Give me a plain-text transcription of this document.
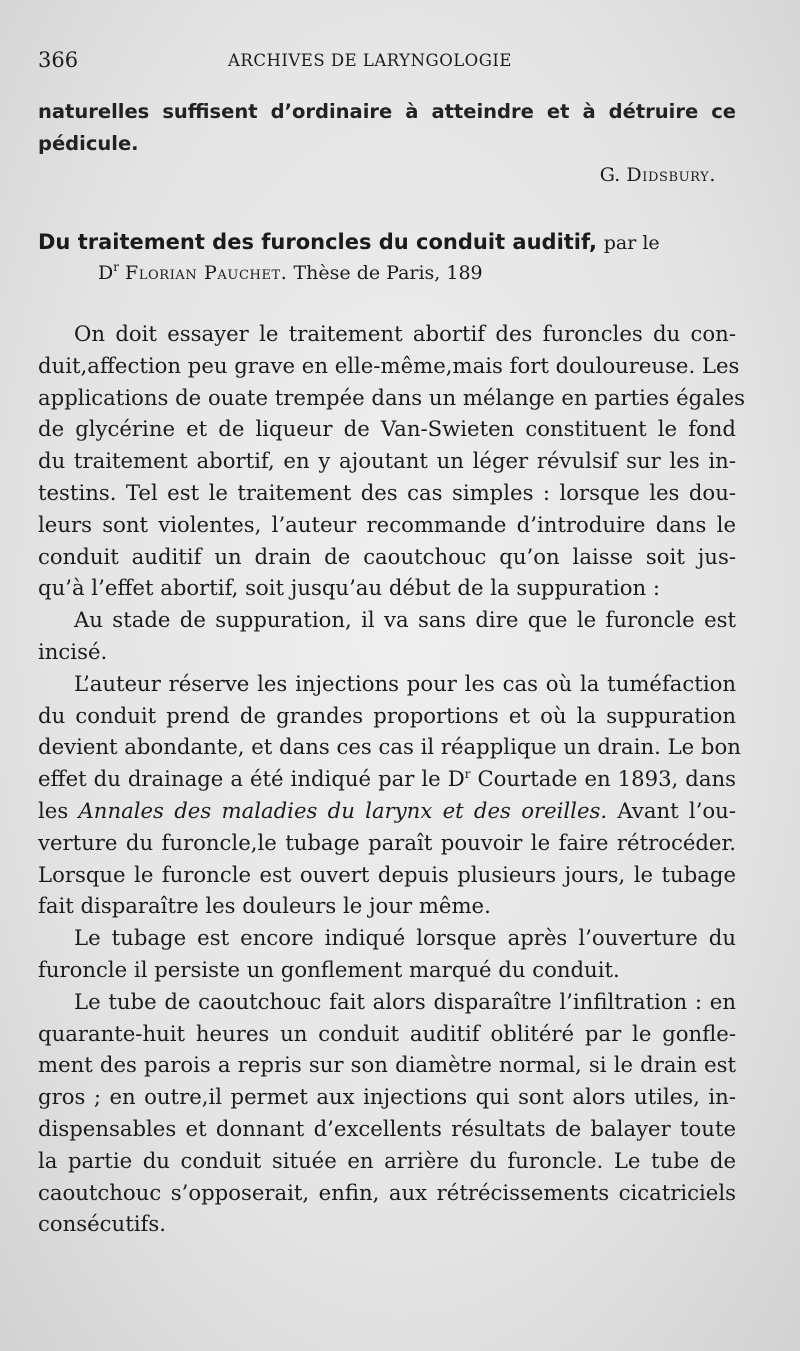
366	ARCHIVES DE LARYNGOLOGIE
naturelles suffisent d’ordinaire à atteindre et à détruire ce
pédicule.
G. Didsbury.
Du traitement des furoncles du conduit auditif, par le
$D^r$ Florian Pauchet. Thèse de Paris, 189
On doit essayer le traitement abortif des furoncles du con-
duit,affection peu grave en elle-même,mais fort douloureuse. Les
applications de ouate trempée dans un mélange en parties égales
de glycérine et de liqueur de Van-Swieten constituent le fond
du traitement abortif, en y ajoutant un léger révulsif sur les in-
testins. Tel est le traitement des cas simples : lorsque les dou-
leurs sont violentes, l’auteur recommande d’introduire dans le
conduit auditif un drain de caoutchouc qu’on laisse soit jus-
qu’à l’effet abortif, soit jusqu’au début de la suppuration :
Au stade de suppuration, il va sans dire que le furoncle est
incisé.
L’auteur réserve les injections pour les cas où la tuméfaction
du conduit prend de grandes proportions et où la suppuration
devient abondante, et dans ces cas il réapplique un drain. Le bon
effet du drainage a été indiqué par le $D^r$ Courtade en 1893, dans
les Annales des maladies du larynx et des oreilles. Avant l’ou-
verture du furoncle,le tubage paraît pouvoir le faire rétrocéder.
Lorsque le furoncle est ouvert depuis plusieurs jours, le tubage
fait disparaître les douleurs le jour même.
Le tubage est encore indiqué lorsque après l’ouverture du
furoncle il persiste un gonflement marqué du conduit.
Le tube de caoutchouc fait alors disparaître l’infiltration : en
quarante-huit heures un conduit auditif oblitéré par le gonfle-
ment des parois a repris sur son diamètre normal, si le drain est
gros ; en outre,il permet aux injections qui sont alors utiles, in-
dispensables et donnant d’excellents résultats de balayer toute
la partie du conduit située en arrière du furoncle. Le tube de
caoutchouc s’opposerait, enfin, aux rétrécissements cicatriciels
consécutifs.
